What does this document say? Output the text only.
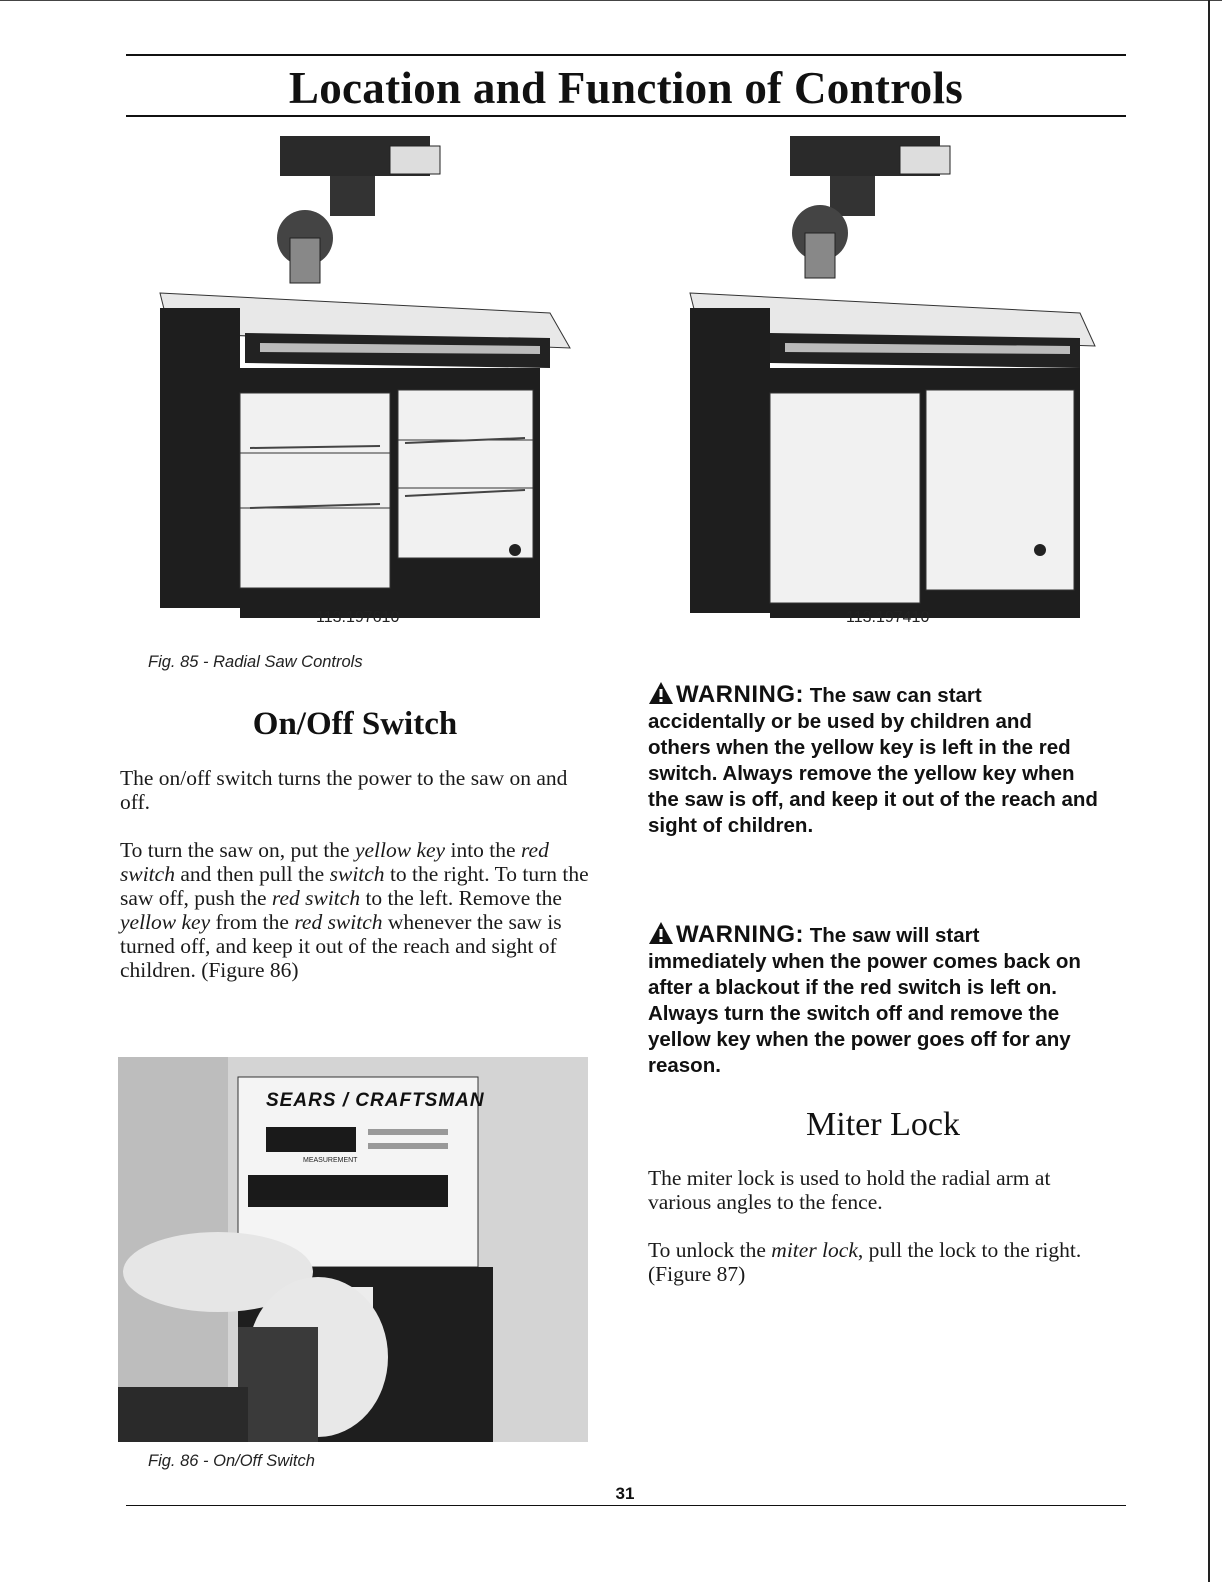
Location and Function of Controls
113.197610	113.197410
Fig. 85 - Radial Saw Controls
On/Off Switch

The on/off switch turns the power to the saw on and off.

To turn the saw on, put the yellow key into the red switch and then pull the switch to the right. To turn the saw off, push the red switch to the left. Remove the yellow key from the red switch whenever the saw is turned off, and keep it out of the reach and sight of children. (Figure 86)

SEARS / CRAFTSMAN
MEASUREMENT
Fig. 86 - On/Off Switch
WARNING: The saw can start accidentally or be used by children and others when the yellow key is left in the red switch. Always remove the yellow key when the saw is off, and keep it out of the reach and sight of children.
WARNING: The saw will start immediately when the power comes back on after a blackout if the red switch is left on. Always turn the switch off and remove the yellow key when the power goes off for any reason.
Miter Lock

The miter lock is used to hold the radial arm at various angles to the fence.

To unlock the miter lock, pull the lock to the right. (Figure 87)

31
